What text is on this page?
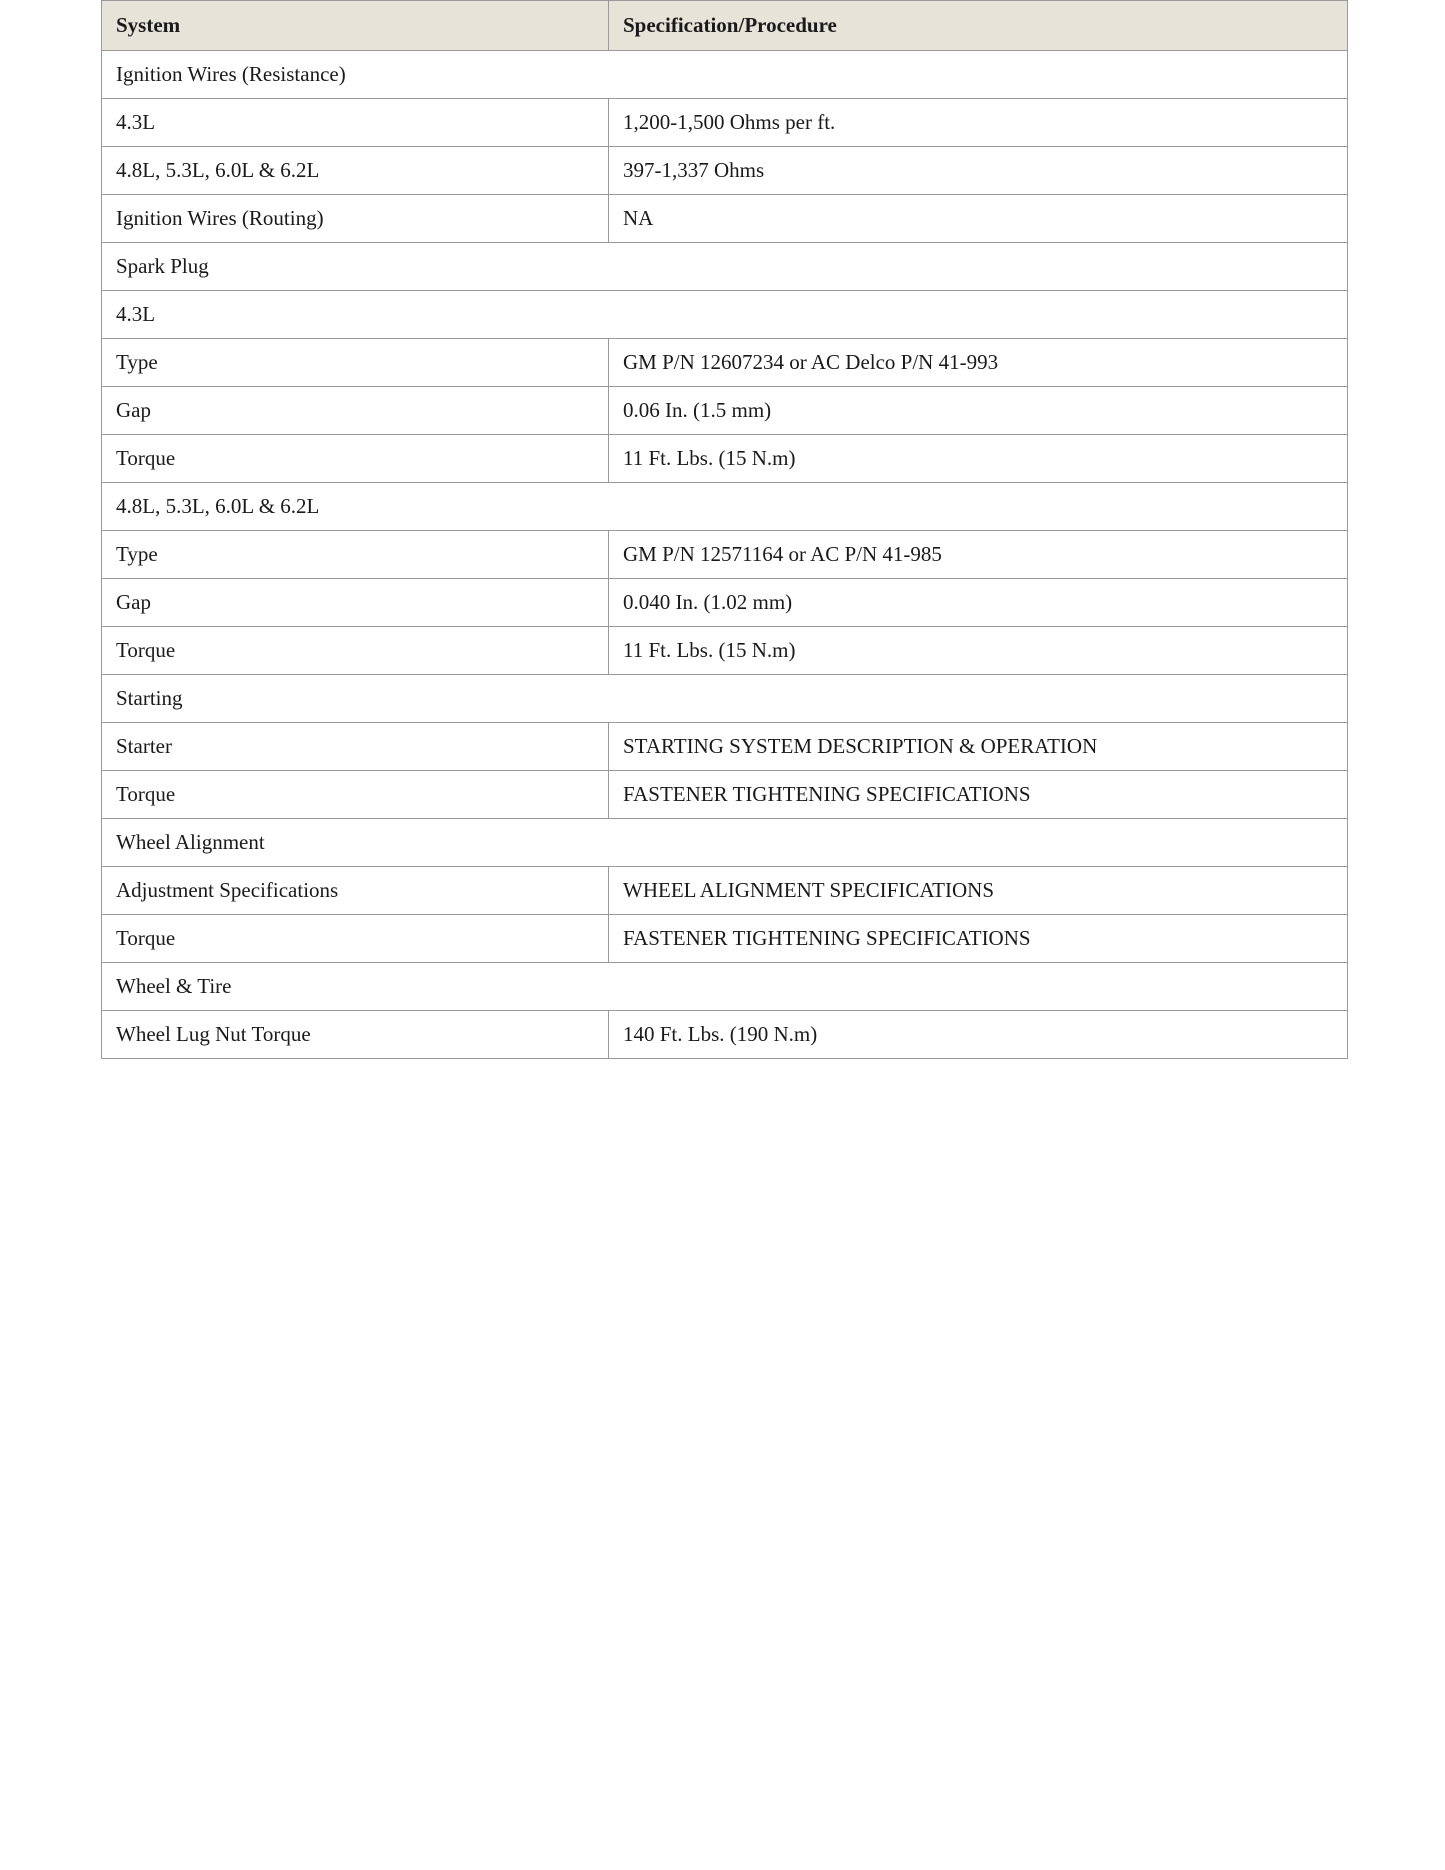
System	Specification/Procedure
Ignition Wires (Resistance)	
4.3L	1,200-1,500 Ohms per ft.
4.8L, 5.3L, 6.0L & 6.2L	397-1,337 Ohms
Ignition Wires (Routing)	NA
Spark Plug	
4.3L	
Type	GM P/N 12607234 or AC Delco P/N 41-993
Gap	0.06 In. (1.5 mm)
Torque	11 Ft. Lbs. (15 N.m)
4.8L, 5.3L, 6.0L & 6.2L	
Type	GM P/N 12571164 or AC P/N 41-985
Gap	0.040 In. (1.02 mm)
Torque	11 Ft. Lbs. (15 N.m)
Starting	
Starter	STARTING SYSTEM DESCRIPTION & OPERATION
Torque	FASTENER TIGHTENING SPECIFICATIONS
Wheel Alignment	
Adjustment Specifications	WHEEL ALIGNMENT SPECIFICATIONS
Torque	FASTENER TIGHTENING SPECIFICATIONS
Wheel & Tire	
Wheel Lug Nut Torque	140 Ft. Lbs. (190 N.m)
